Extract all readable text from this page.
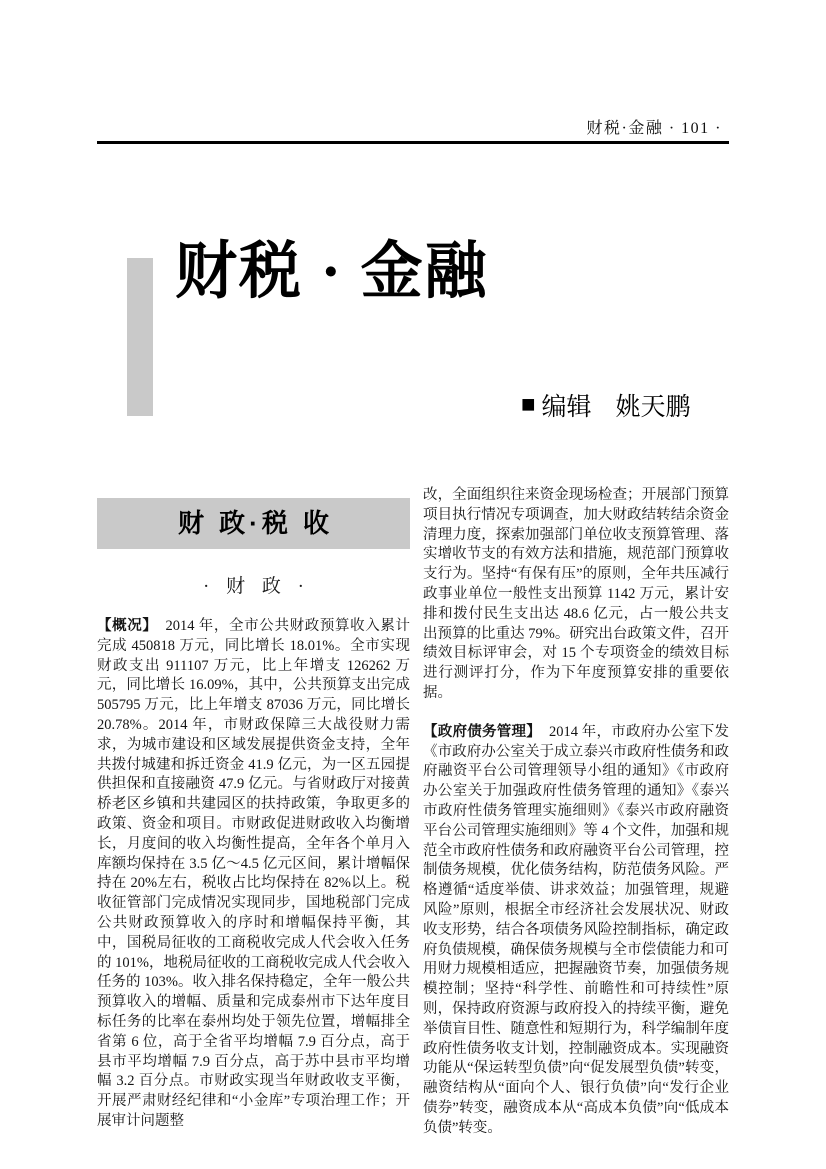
财税·金融 · 101 ·
财税 · 金融
■ 编辑 姚天鹏
财 政·税 收
· 财 政 ·

【概况】 2014 年，全市公共财政预算收入累计完成 450818 万元，同比增长 18.01%。全市实现财政支出 911107 万元，比上年增支 126262 万元，同比增长 16.09%，其中，公共预算支出完成 505795 万元，比上年增支 87036 万元，同比增长 20.78%。2014 年，市财政保障三大战役财力需求，为城市建设和区域发展提供资金支持，全年共拨付城建和拆迁资金 41.9 亿元，为一区五园提供担保和直接融资 47.9 亿元。与省财政厅对接黄桥老区乡镇和共建园区的扶持政策，争取更多的政策、资金和项目。市财政促进财政收入均衡增长，月度间的收入均衡性提高，全年各个单月入库额均保持在 3.5 亿～4.5 亿元区间，累计增幅保持在 20%左右，税收占比均保持在 82%以上。税收征管部门完成情况实现同步，国地税部门完成公共财政预算收入的序时和增幅保持平衡，其中，国税局征收的工商税收完成人代会收入任务的 101%，地税局征收的工商税收完成人代会收入任务的 103%。收入排名保持稳定，全年一般公共预算收入的增幅、质量和完成泰州市下达年度目标任务的比率在泰州均处于领先位置，增幅排全省第 6 位，高于全省平均增幅 7.9 百分点，高于县市平均增幅 7.9 百分点，高于苏中县市平均增幅 3.2 百分点。市财政实现当年财政收支平衡，开展严肃财经纪律和“小金库”专项治理工作；开展审计问题整

改，全面组织往来资金现场检查；开展部门预算项目执行情况专项调查，加大财政结转结余资金清理力度，探索加强部门单位收支预算管理、落实增收节支的有效方法和措施，规范部门预算收支行为。坚持“有保有压”的原则，全年共压减行政事业单位一般性支出预算 1142 万元，累计安排和拨付民生支出达 48.6 亿元，占一般公共支出预算的比重达 79%。研究出台政策文件，召开绩效目标评审会，对 15 个专项资金的绩效目标进行测评打分，作为下年度预算安排的重要依据。

【政府债务管理】 2014 年，市政府办公室下发《市政府办公室关于成立泰兴市政府性债务和政府融资平台公司管理领导小组的通知》《市政府办公室关于加强政府性债务管理的通知》《泰兴市政府性债务管理实施细则》《泰兴市政府融资平台公司管理实施细则》等 4 个文件，加强和规范全市政府性债务和政府融资平台公司管理，控制债务规模，优化债务结构，防范债务风险。严格遵循“适度举债、讲求效益；加强管理，规避风险”原则，根据全市经济社会发展状况、财政收支形势，结合各项债务风险控制指标，确定政府负债规模，确保债务规模与全市偿债能力和可用财力规模相适应，把握融资节奏，加强债务规模控制；坚持“科学性、前瞻性和可持续性”原则，保持政府资源与政府投入的持续平衡，避免举债盲目性、随意性和短期行为，科学编制年度政府性债务收支计划，控制融资成本。实现融资功能从“保运转型负债”向“促发展型负债”转变，融资结构从“面向个人、银行负债”向“发行企业债券”转变，融资成本从“高成本负债”向“低成本负债”转变。
